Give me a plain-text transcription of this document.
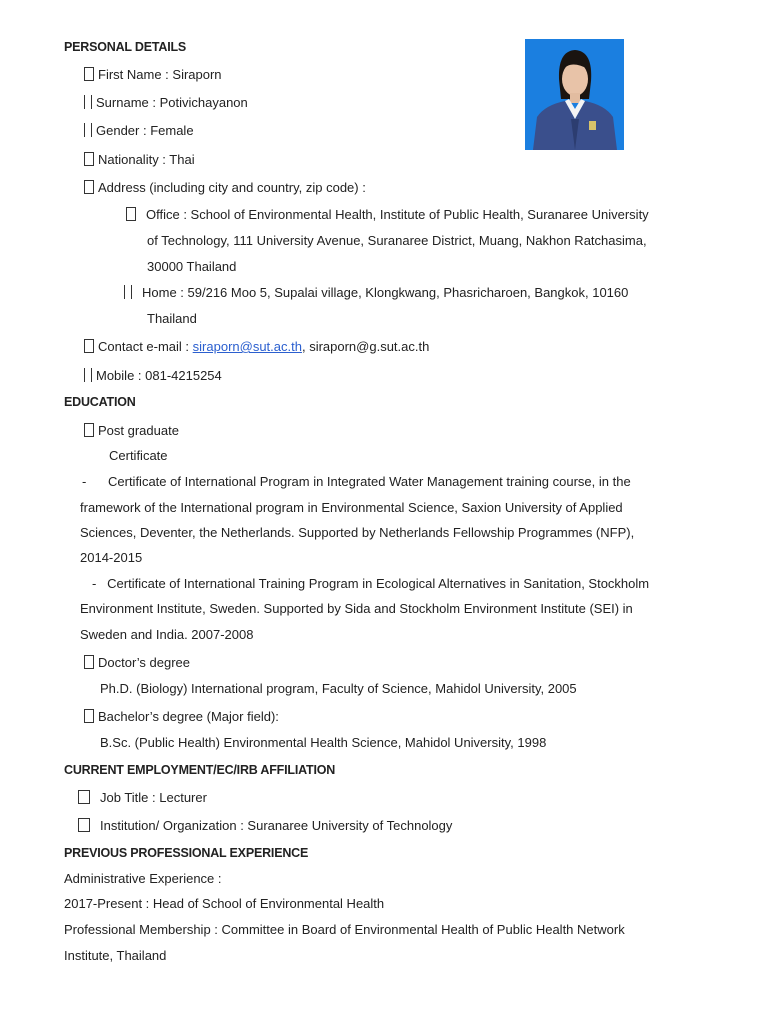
PERSONAL DETAILS
First Name : Siraporn
Surname : Potivichayanon
Gender : Female
Nationality : Thai
Address (including city and country, zip code) :
Office : School of Environmental Health, Institute of Public Health, Suranaree University
of Technology, 111 University Avenue, Suranaree District, Muang, Nakhon Ratchasima,
30000 Thailand
Home : 59/216 Moo 5, Supalai village, Klongkwang, Phasricharoen, Bangkok, 10160
Thailand
Contact e-mail : siraporn@sut.ac.th, siraporn@g.sut.ac.th
Mobile : 081-4215254
EDUCATION
Post graduate
Certificate
-      Certificate of International Program in Integrated Water Management training course, in the
framework of the International program in Environmental Science, Saxion University of Applied
Sciences, Deventer, the Netherlands. Supported by Netherlands Fellowship Programmes (NFP),
2014-2015
-   Certificate of International Training Program in Ecological Alternatives in Sanitation, Stockholm
Environment Institute, Sweden. Supported by Sida and Stockholm Environment Institute (SEI) in
Sweden and India. 2007-2008
Doctor’s degree
Ph.D. (Biology) International program, Faculty of Science, Mahidol University, 2005
Bachelor’s degree (Major field):
B.Sc. (Public Health) Environmental Health Science, Mahidol University, 1998
CURRENT EMPLOYMENT/EC/IRB AFFILIATION
Job Title : Lecturer
Institution/ Organization : Suranaree University of Technology
PREVIOUS PROFESSIONAL EXPERIENCE
Administrative Experience :
2017-Present : Head of School of Environmental Health
Professional Membership : Committee in Board of Environmental Health of Public Health Network
Institute, Thailand
